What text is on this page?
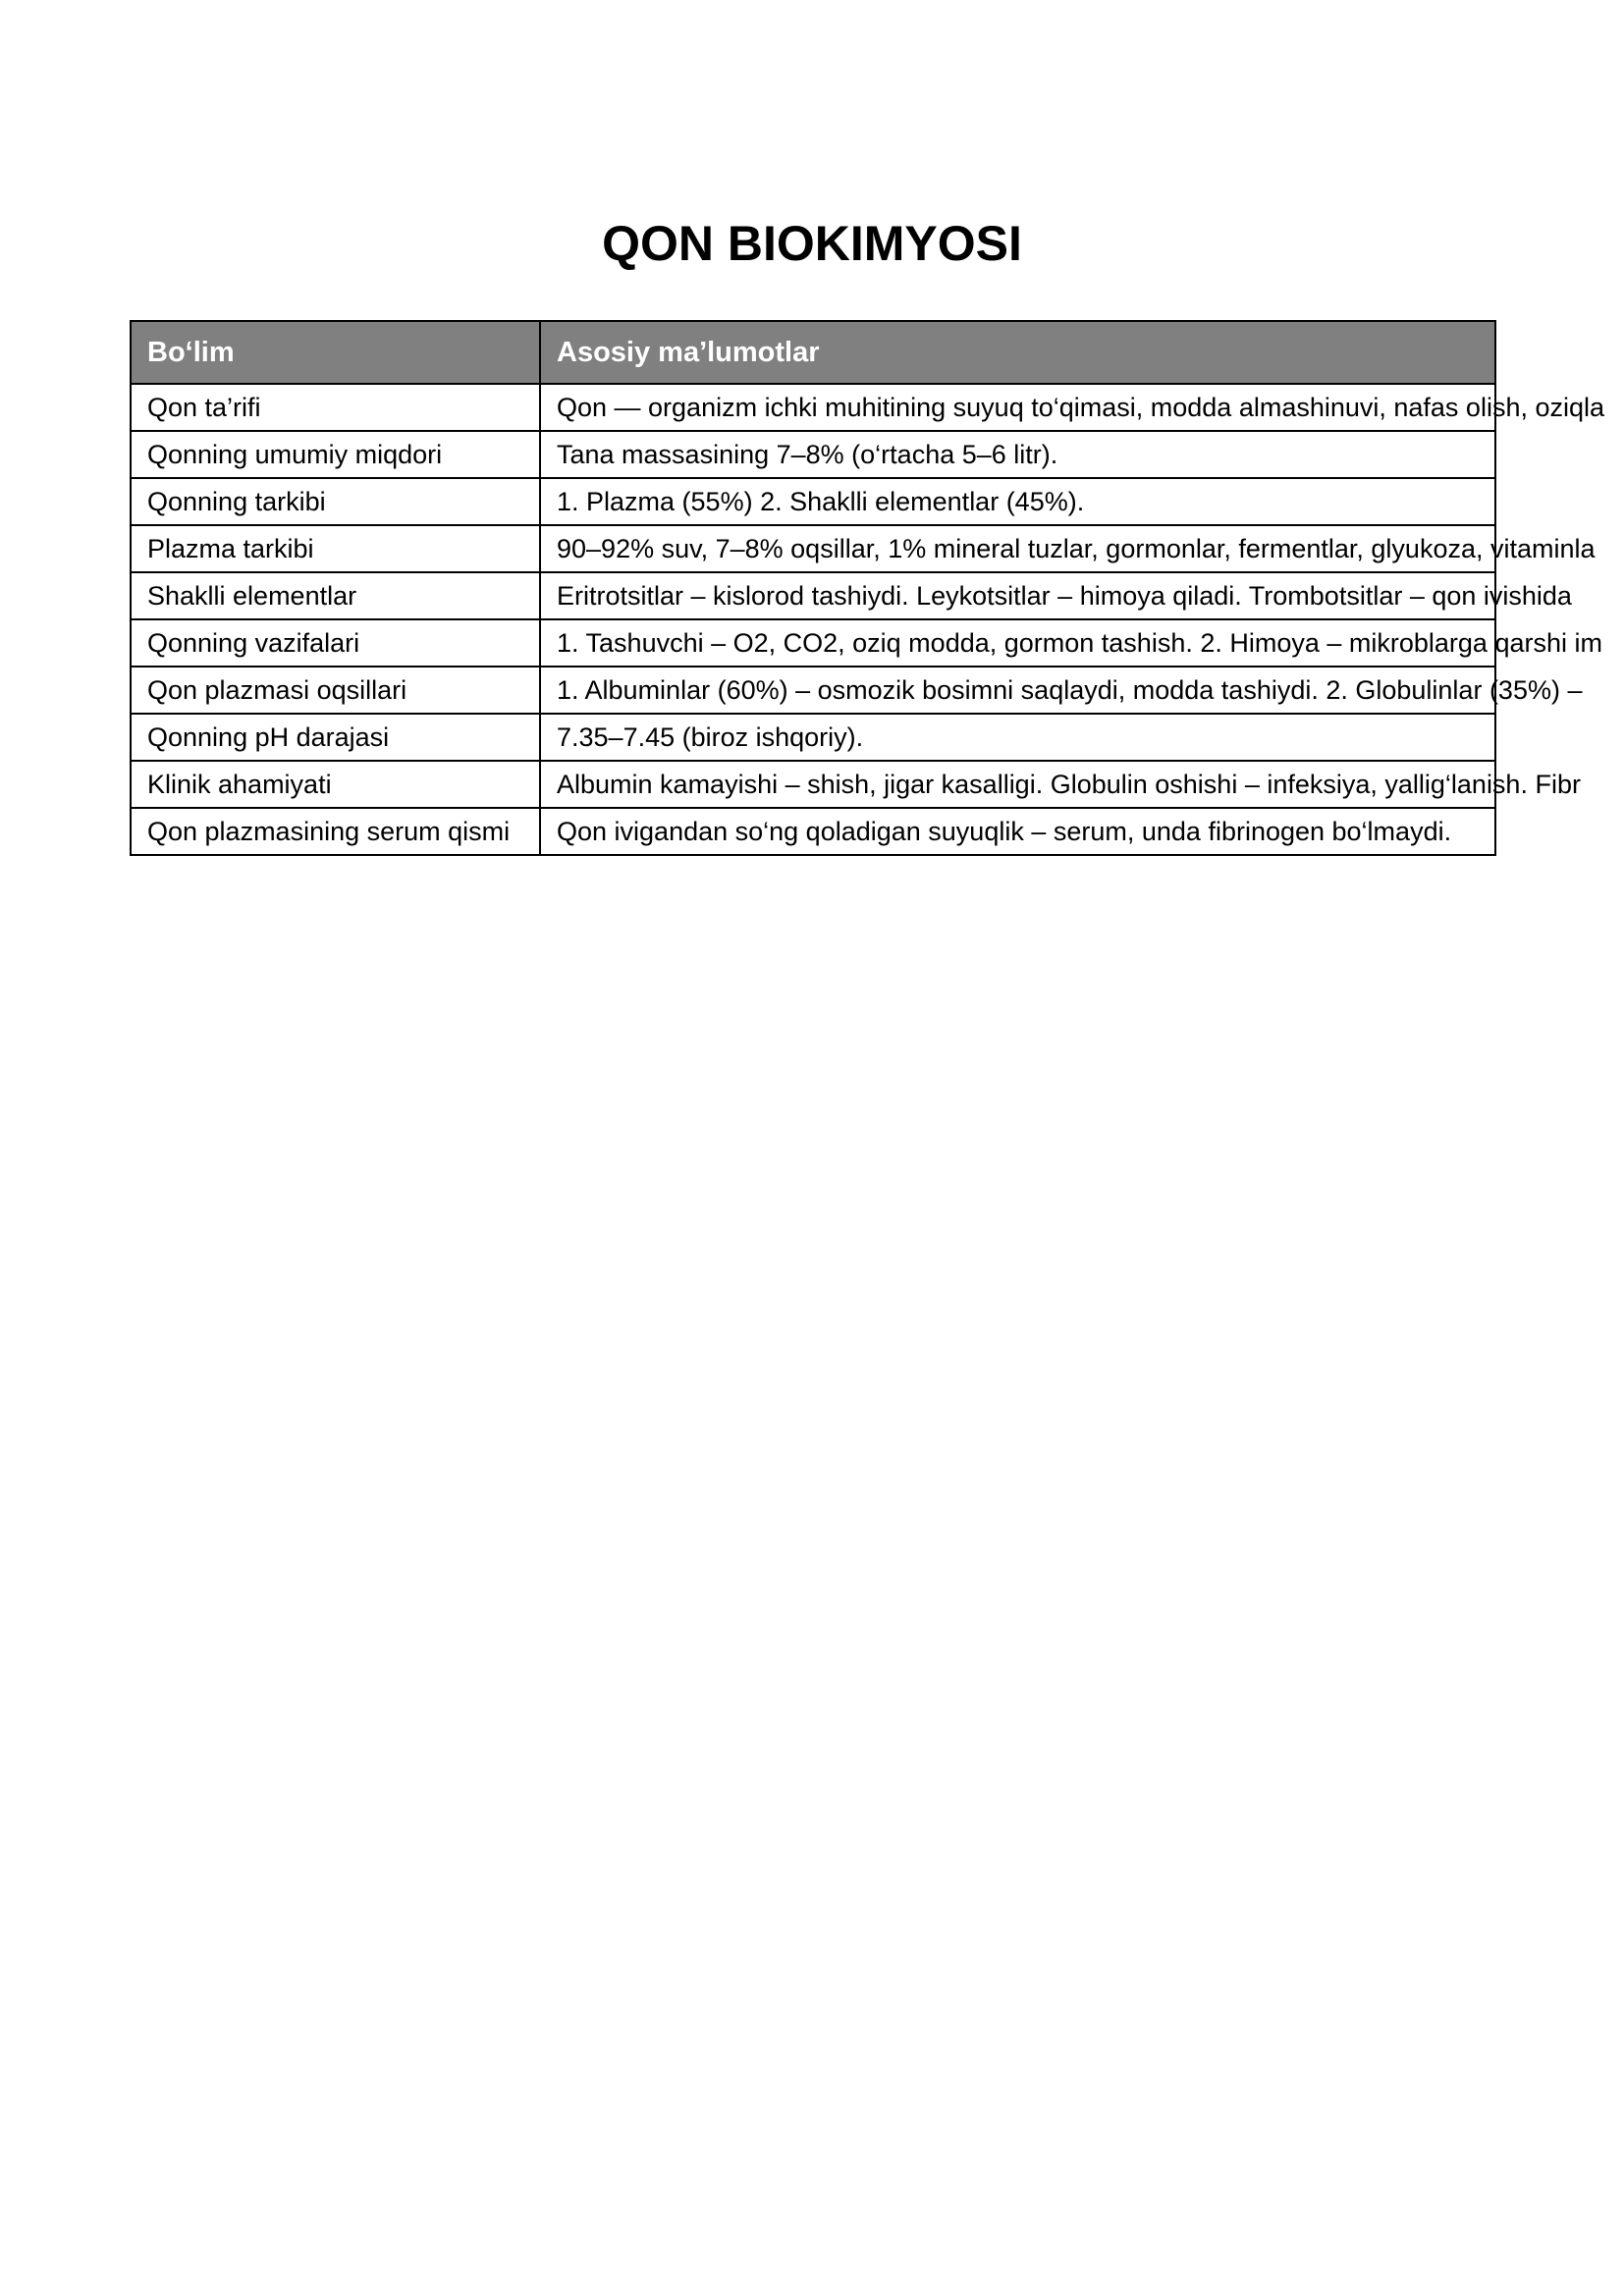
QON BIOKIMYOSI
Bo‘lim	Asosiy ma’lumotlar
Qon ta’rifi	Qon — organizm ichki muhitining suyuq to‘qimasi, modda almashinuvi, nafas olish, oziqla
Qonning umumiy miqdori	Tana massasining 7–8% (o‘rtacha 5–6 litr).
Qonning tarkibi	1. Plazma (55%) 2. Shaklli elementlar (45%).
Plazma tarkibi	90–92% suv, 7–8% oqsillar, 1% mineral tuzlar, gormonlar, fermentlar, glyukoza, vitaminla
Shaklli elementlar	Eritrotsitlar – kislorod tashiydi. Leykotsitlar – himoya qiladi. Trombotsitlar – qon ivishida
Qonning vazifalari	1. Tashuvchi – O2, CO2, oziq modda, gormon tashish. 2. Himoya – mikroblarga qarshi im
Qon plazmasi oqsillari	1. Albuminlar (60%) – osmozik bosimni saqlaydi, modda tashiydi. 2. Globulinlar (35%) –
Qonning pH darajasi	7.35–7.45 (biroz ishqoriy).
Klinik ahamiyati	Albumin kamayishi – shish, jigar kasalligi. Globulin oshishi – infeksiya, yallig‘lanish. Fibr
Qon plazmasining serum qismi	Qon ivigandan so‘ng qoladigan suyuqlik – serum, unda fibrinogen bo‘lmaydi.
